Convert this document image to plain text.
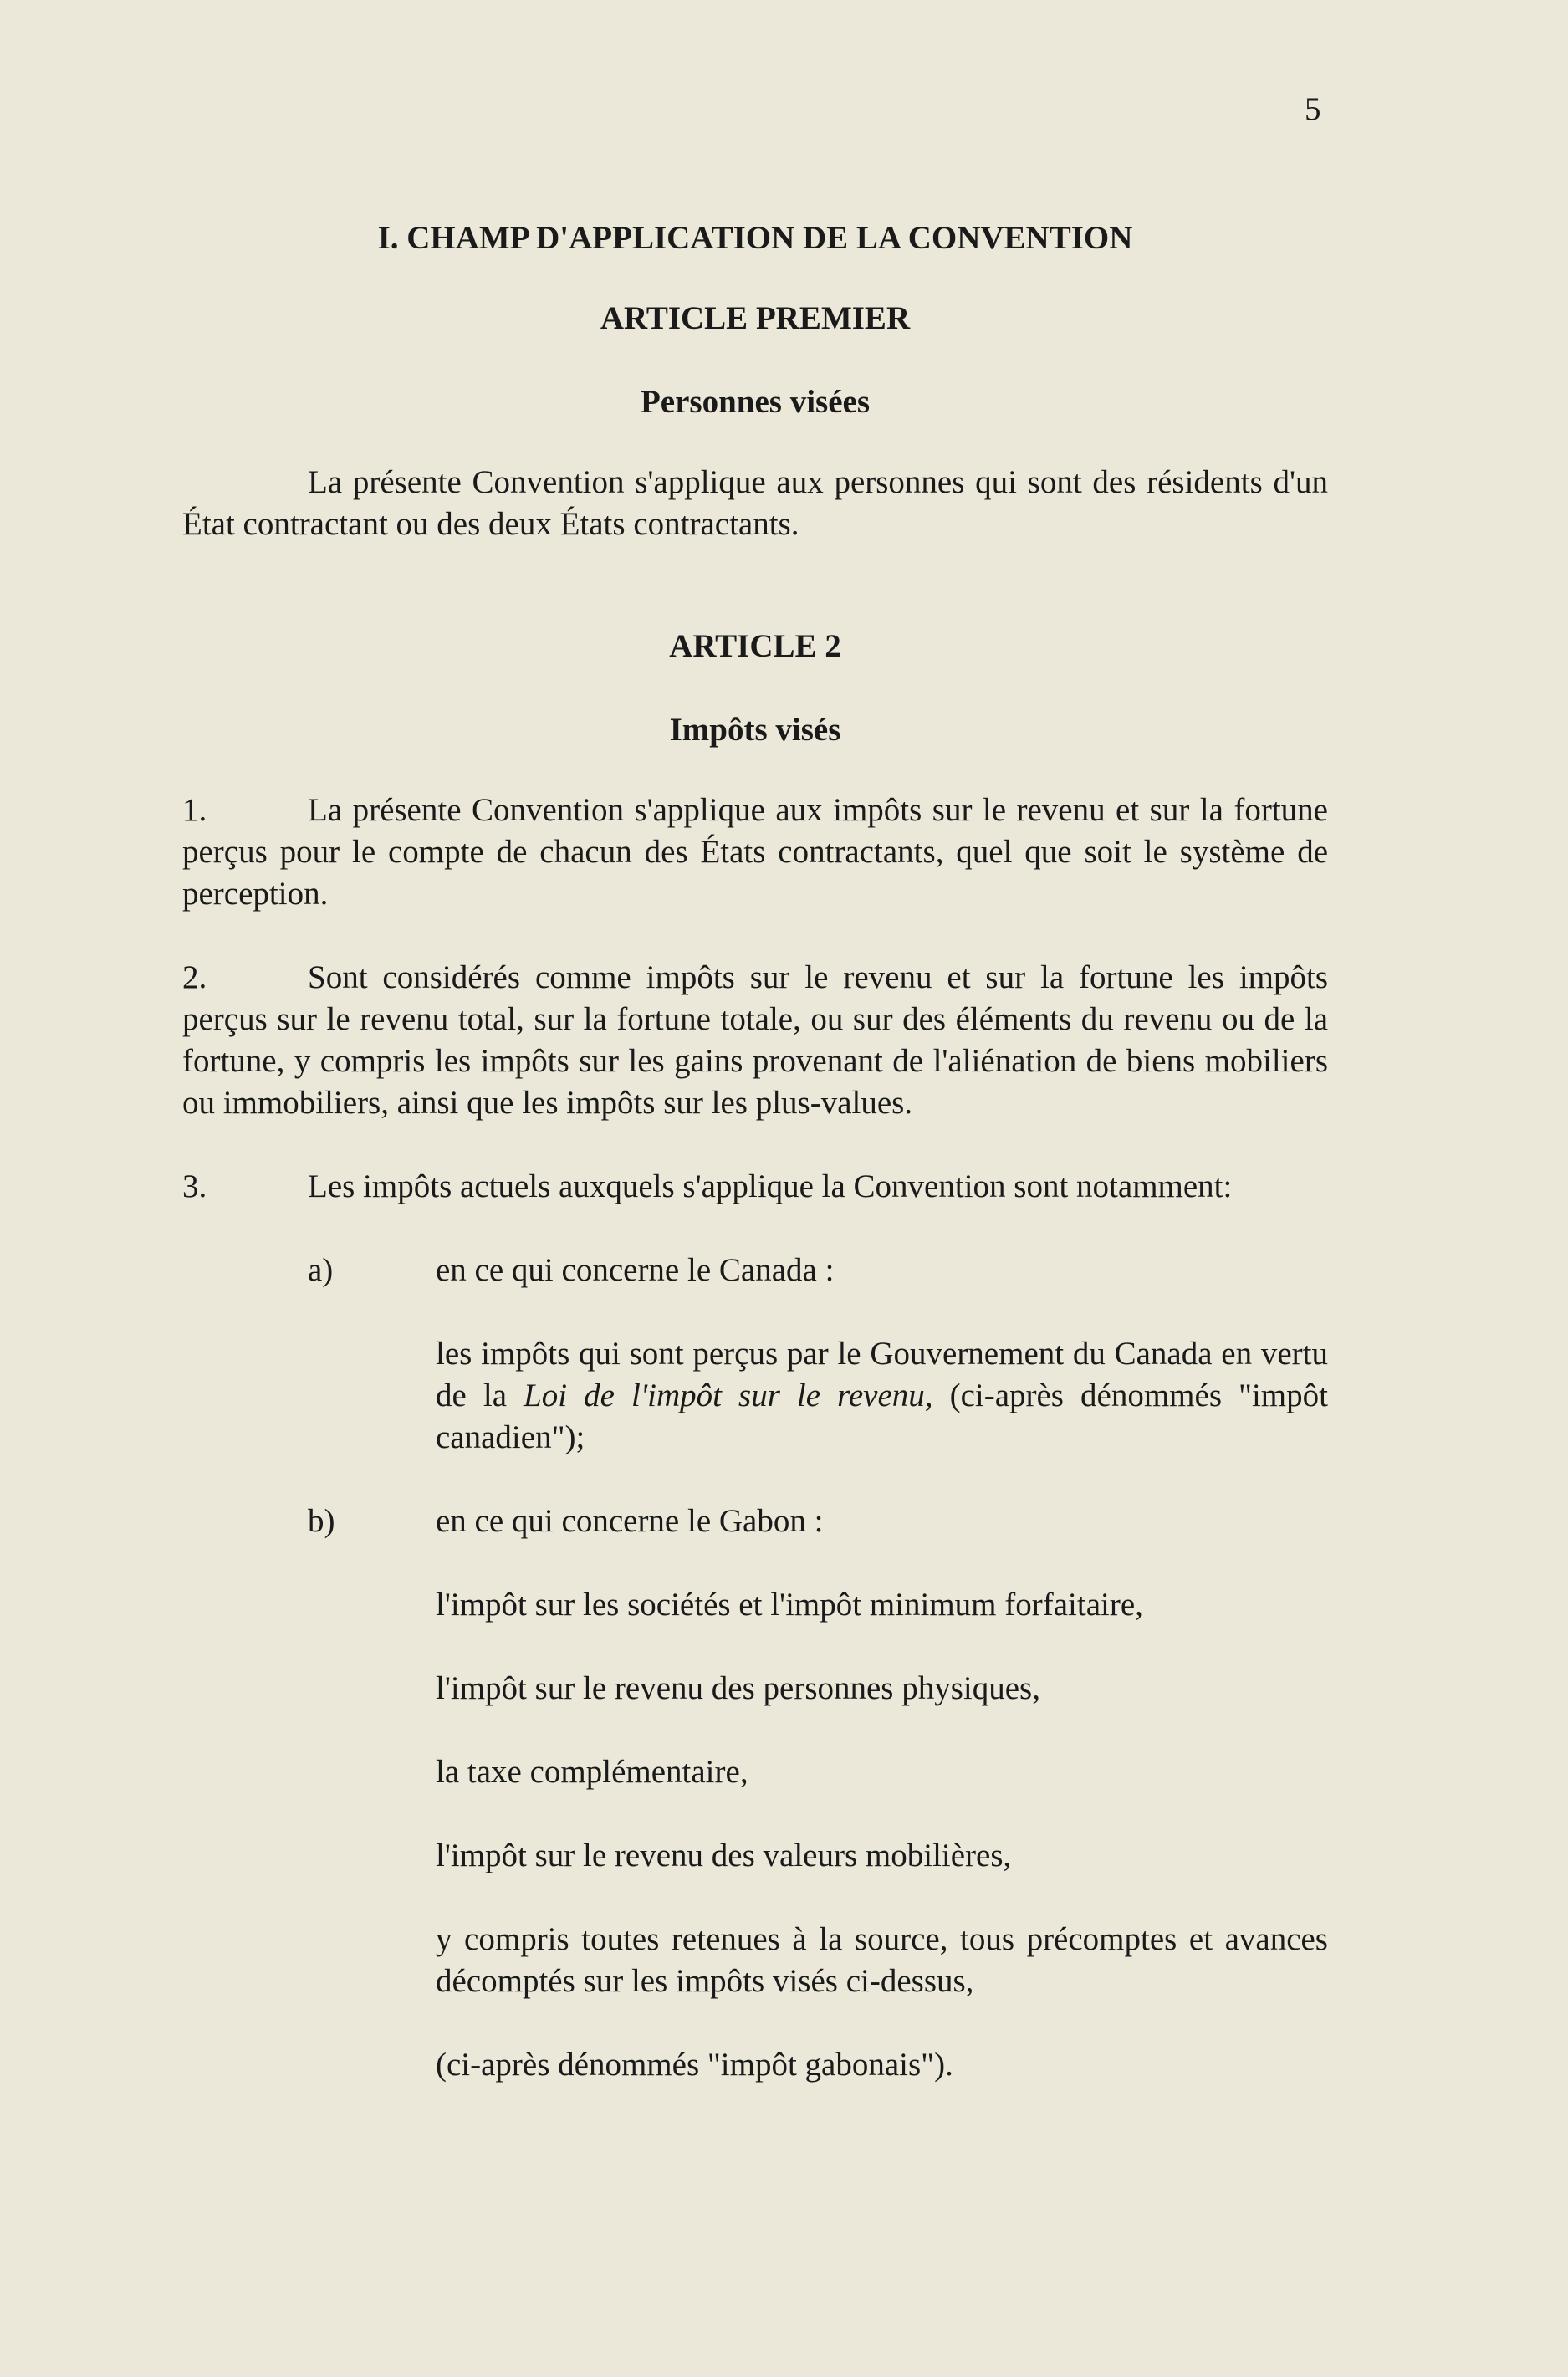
5
I. CHAMP D'APPLICATION DE LA CONVENTION
ARTICLE PREMIER
Personnes visées

La présente Convention s'applique aux personnes qui sont des résidents d'un État contractant ou des deux États contractants.

ARTICLE 2
Impôts visés

1.	La présente Convention s'applique aux impôts sur le revenu et sur la fortune perçus pour le compte de chacun des États contractants, quel que soit le système de perception.

2.	Sont considérés comme impôts sur le revenu et sur la fortune les impôts perçus sur le revenu total, sur la fortune totale, ou sur des éléments du revenu ou de la fortune, y compris les impôts sur les gains provenant de l'aliénation de biens mobiliers ou immobiliers, ainsi que les impôts sur les plus-values.

3.	Les impôts actuels auxquels s'applique la Convention sont notamment:

a)	en ce qui concerne le Canada :

les impôts qui sont perçus par le Gouvernement du Canada en vertu de la Loi de l'impôt sur le revenu, (ci-après dénommés "impôt canadien");

b)	en ce qui concerne le Gabon :

l'impôt sur les sociétés et l'impôt minimum forfaitaire,

l'impôt sur le revenu des personnes physiques,

la taxe complémentaire,

l'impôt sur le revenu des valeurs mobilières,

y compris toutes retenues à la source, tous précomptes et avances décomptés sur les impôts visés ci-dessus,

(ci-après dénommés "impôt gabonais").
